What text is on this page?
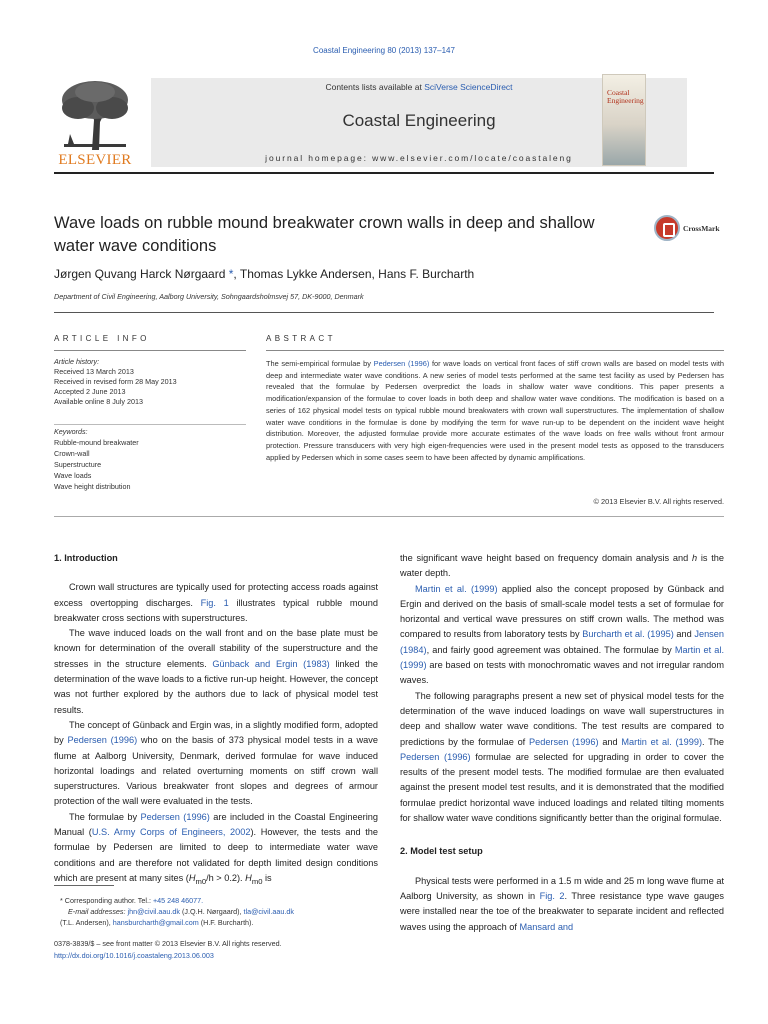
Coastal Engineering 80 (2013) 137–147
ELSEVIER
Contents lists available at SciVerse ScienceDirect
Coastal Engineering
journal homepage: www.elsevier.com/locate/coastaleng
Coastal Engineering
Wave loads on rubble mound breakwater crown walls in deep and shallow water wave conditions
CrossMark
Jørgen Quvang Harck Nørgaard *, Thomas Lykke Andersen, Hans F. Burcharth
Department of Civil Engineering, Aalborg University, Sohngaardsholmsvej 57, DK-9000, Denmark
ARTICLE INFO	ABSTRACT
Article history:
Received 13 March 2013
Received in revised form 28 May 2013
Accepted 2 June 2013
Available online 8 July 2013
Keywords:
Rubble-mound breakwater
Crown-wall
Superstructure
Wave loads
Wave height distribution
The semi-empirical formulae by Pedersen (1996) for wave loads on vertical front faces of stiff crown walls are based on model tests with deep and intermediate water wave conditions. A new series of model tests performed at the same test facility as used by Pedersen has revealed that the formulae by Pedersen overpredict the loads in shallow water wave conditions. This paper presents a modification/expansion of the formulae to cover loads in both deep and shallow water wave conditions. The modification is based on a series of 162 physical model tests on typical rubble mound breakwaters with crown wall superstructures. The implementation of shallow water wave conditions in the formulae is done by modifying the term for wave run-up to be dependent on the incident wave height distribution. Moreover, the adjusted formulae provide more accurate estimates of the wave loads on free walls without front armour protection. Pressure transducers with very high eigen-frequencies were used in the present model tests as opposed to the transducers applied by Pedersen which in some cases seem to have been affected by dynamic amplifications.
© 2013 Elsevier B.V. All rights reserved.
1. Introduction

Crown wall structures are typically used for protecting access roads against excess overtopping discharges. Fig. 1 illustrates typical rubble mound breakwater cross sections with superstructures.

The wave induced loads on the wall front and on the base plate must be known for determination of the overall stability of the superstructure and the stresses in the structure elements. Günback and Ergin (1983) linked the determination of the wave loads to a fictive run-up height. However, the concept was not further explored by the authors due to lack of physical model test results.

The concept of Günback and Ergin was, in a slightly modified form, adopted by Pedersen (1996) who on the basis of 373 physical model tests in a wave flume at Aalborg University, Denmark, derived formulae for wave induced horizontal loadings and related overturning moments on stiff crown wall superstructures. Various breakwater front slopes and degrees of armour protection of the wall were evaluated in the tests.

The formulae by Pedersen (1996) are included in the Coastal Engineering Manual (U.S. Army Corps of Engineers, 2002). However, the tests and the formulae by Pedersen are limited to deep to intermediate water wave conditions and are therefore not validated for depth limited design conditions which are present at many sites $(H_{m0}/h > 0.2)$. $H_{m0}$ is

the significant wave height based on frequency domain analysis and h is the water depth.

Martin et al. (1999) applied also the concept proposed by Günback and Ergin and derived on the basis of small-scale model tests a set of formulae for horizontal and vertical wave pressures on stiff crown walls. The method was compared to results from laboratory tests by Burcharth et al. (1995) and Jensen (1984), and fairly good agreement was obtained. The formulae by Martin et al. (1999) are based on tests with monochromatic waves and not irregular random waves.

The following paragraphs present a new set of physical model tests for the determination of the wave induced loadings on wave wall superstructures in deep and shallow water wave conditions. The test results are compared to predictions by the formulae of Pedersen (1996) and Martin et al. (1999). The Pedersen (1996) formulae are selected for upgrading in order to cover the results of the present model tests. The modified formulae are then evaluated against the present model test results, and it is demonstrated that the modified formulae predict horizontal wave induced loadings and related tilting moments for shallow water wave conditions significantly better than the original formulae.

2. Model test setup

Physical tests were performed in a 1.5 m wide and 25 m long wave flume at Aalborg University, as shown in Fig. 2. Three resistance type wave gauges were installed near the toe of the breakwater to separate incident and reflected waves using the approach of Mansard and

* Corresponding author. Tel.: +45 248 46077.
E-mail addresses: jhn@civil.aau.dk (J.Q.H. Nørgaard), tla@civil.aau.dk
(T.L. Andersen), hansburcharth@gmail.com (H.F. Burcharth).
0378-3839/$ – see front matter © 2013 Elsevier B.V. All rights reserved.
http://dx.doi.org/10.1016/j.coastaleng.2013.06.003
